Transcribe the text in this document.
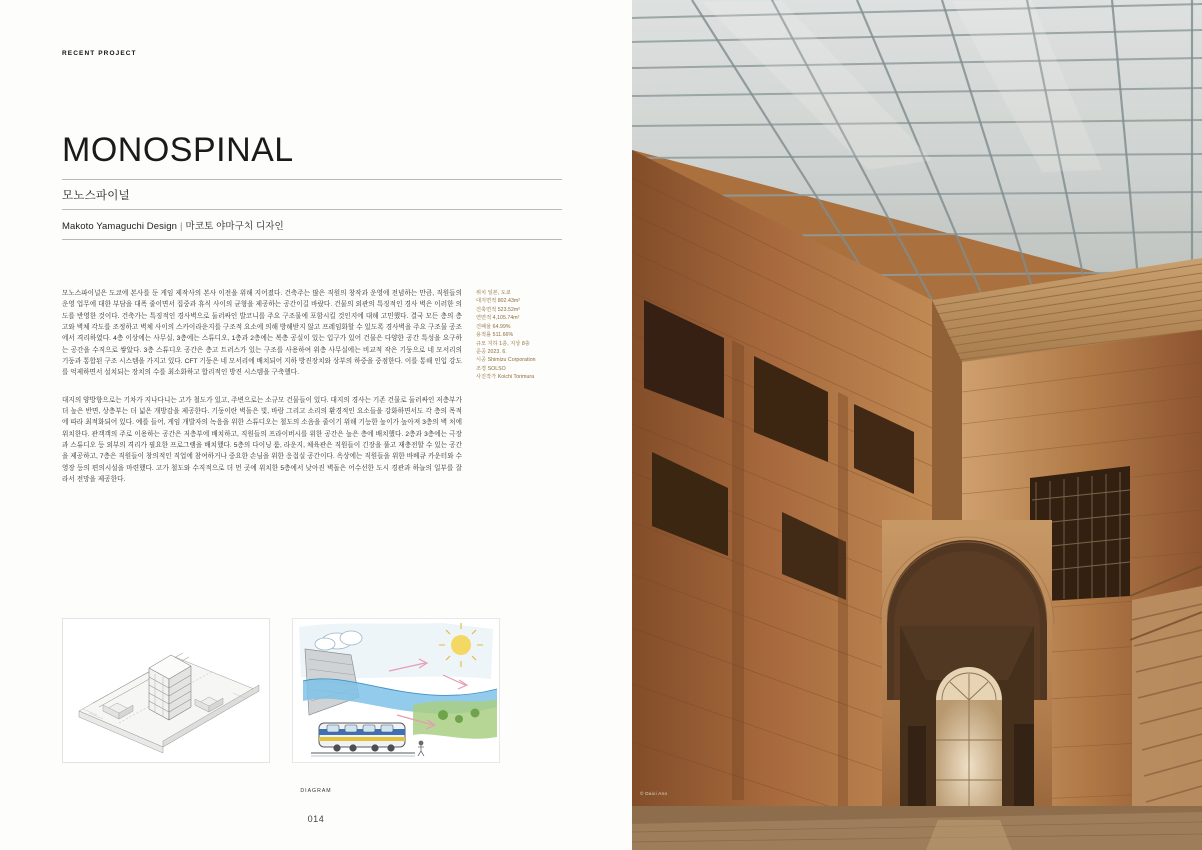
RECENT PROJECT
MONOSPINAL
모노스파이널
Makoto Yamaguchi Design | 마코토 야마구치 디자인

모노스파이널은 도쿄에 본사를 둔 게임 제작사의 본사 이전을 위해 지어졌다. 건축주는 많은 직원의 창작과 운영에 전념하는 만큼, 직원들의 운영 업무에 대한 부담을 대폭 줄이면서 집중과 휴식 사이의 균형을 제공하는 공간이길 바랐다. 건물의 외관의 특징적인 경사 벽은 이러한 의도를 반영한 것이다. 건축가는 특징적인 경사벽으로 둘러싸인 발코니를 주요 구조물에 포함시킬 것인지에 대해 고민했다. 결국 모든 층의 층고와 벽체 각도를 조정하고 벽체 사이의 스카이라운지를 구조적 요소에 의해 방해받지 않고 프레임화할 수 있도록 경사벽을 주요 구조물 공조에서 격리하였다. 4층 이상에는 사무실, 3층에는 스튜디오, 1층과 2층에는 복층 공실이 있는 입구가 있어 건물은 다양한 공간 특성을 요구하는 공간을 수직으로 쌓았다. 3층 스튜디오 공간은 층고 트러스가 있는 구조를 사용하여 위층 사무실에는 비교적 작은 기둥으로 네 모서리의 기둥과 통합된 구조 시스템을 가지고 있다. CFT 기둥은 네 모서리에 배치되어 지하 방진장치와 상부의 하중을 중점한다. 이를 통해 인입 강도를 억제하면서 설치되는 장치의 수를 최소화하고 합리적인 방진 시스템을 구축했다.

대지의 양방향으로는 기차가 지나다니는 고가 철도가 있고, 주변으로는 소규모 건물들이 있다. 대지의 경사는 기존 건물로 둘러싸인 저층부가 더 높은 반면, 상층부는 더 넓은 개방감을 제공한다. 기둥이란 벽돌은 빛, 바람 그리고 소리의 환경적인 요소들을 강화하면서도 각 층의 목적에 따라 최적화되어 있다. 예를 들어, 게임 개발자의 녹음을 위한 스튜디오는 철도의 소음을 줄이기 위해 기능한 높이가 높아져 3층의 벽 처에 위치한다. 관객객의 주로 이용하는 공간은 저층부에 배치하고, 직원들의 프라이버시를 위한 공간은 높은 층에 배치했다. 2층과 3층에는 극장과 스튜디오 등 외부의 격리가 필요한 프로그램을 배치했다. 5층의 다이닝 룸, 라운지, 체육관은 직원들이 긴장을 풀고 재충전할 수 있는 공간을 제공하고, 7층은 직원들이 창의적인 직업에 참여하거나 중요한 손님을 위한 응접실 공간이다. 옥상에는 직원들을 위한 바베큐 카운터와 수영장 등의 편의시설을 마련했다. 고가 철도와 수직적으로 더 먼 곳에 위치한 5층에서 낮아진 벽돌은 어수선한 도시 경관과 하늘의 일부를 잘라서 전망을 제공한다.

위치 일본, 도쿄
대지면적 802.43m²
건축면적 523.52m²
연면적 4,105.74m²
건폐율 64.99%
용적률 511.66%
규모 지하 1층, 지상 8층
준공 2023. 6.
시공 Shimizu Corporation
조경 SOLSO
사진작가 Koichi Torimura
DIAGRAM
014
© Daici Ano
